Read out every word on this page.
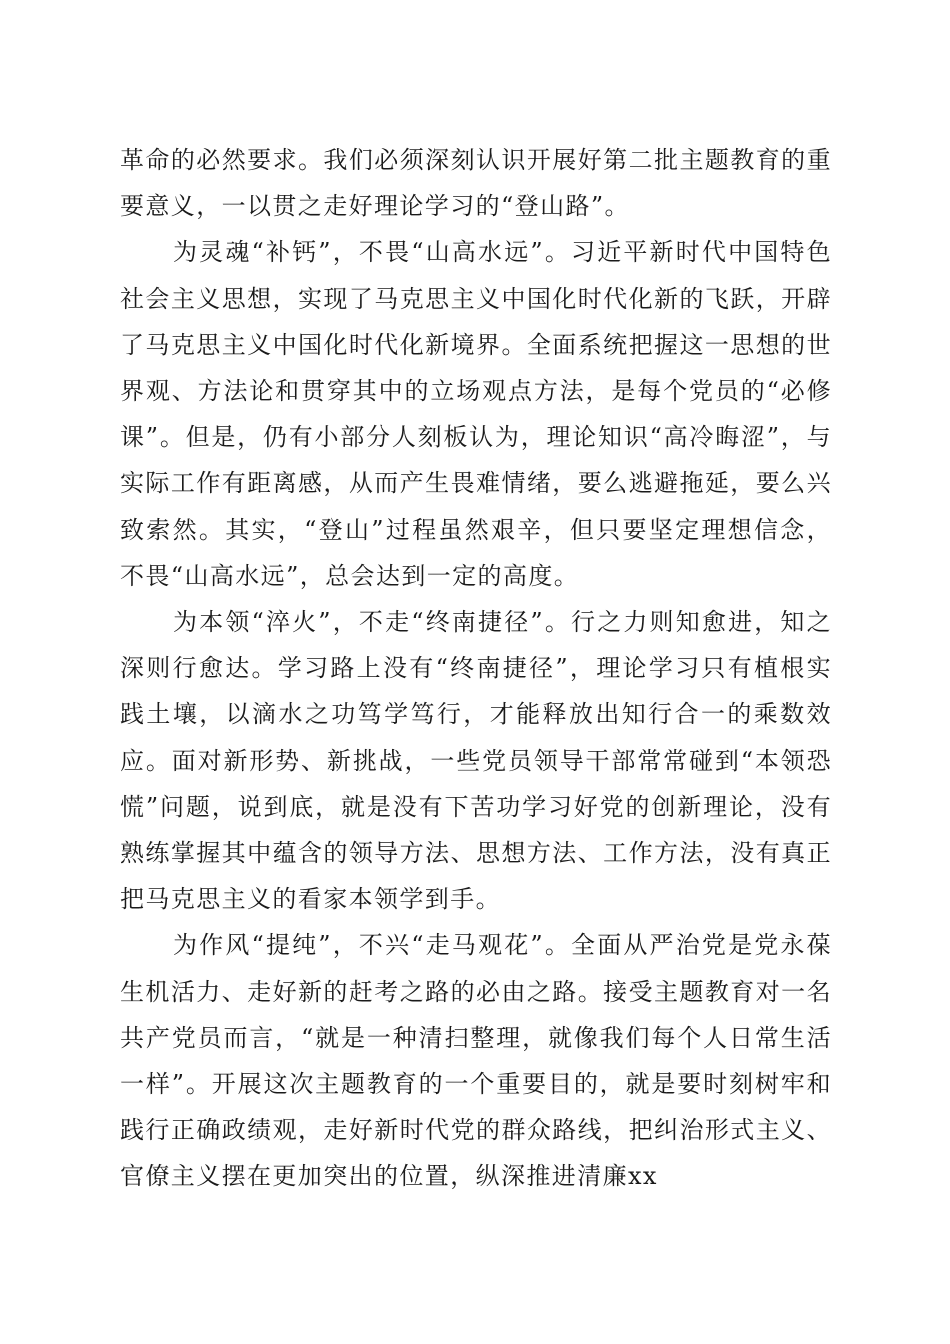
革命的必然要求。我们必须深刻认识开展好第二批主题教育的重要意义，一以贯之走好理论学习的“登山路”。

为灵魂“补钙”，不畏“山高水远”。习近平新时代中国特色社会主义思想，实现了马克思主义中国化时代化新的飞跃，开辟了马克思主义中国化时代化新境界。全面系统把握这一思想的世界观、方法论和贯穿其中的立场观点方法，是每个党员的“必修课”。但是，仍有小部分人刻板认为，理论知识“高冷晦涩”，与实际工作有距离感，从而产生畏难情绪，要么逃避拖延，要么兴致索然。其实，“登山”过程虽然艰辛，但只要坚定理想信念，不畏“山高水远”，总会达到一定的高度。

为本领“淬火”，不走“终南捷径”。行之力则知愈进，知之深则行愈达。学习路上没有“终南捷径”，理论学习只有植根实践土壤，以滴水之功笃学笃行，才能释放出知行合一的乘数效应。面对新形势、新挑战，一些党员领导干部常常碰到“本领恐慌”问题，说到底，就是没有下苦功学习好党的创新理论，没有熟练掌握其中蕴含的领导方法、思想方法、工作方法，没有真正把马克思主义的看家本领学到手。

为作风“提纯”，不兴“走马观花”。全面从严治党是党永葆生机活力、走好新的赶考之路的必由之路。接受主题教育对一名共产党员而言，“就是一种清扫整理，就像我们每个人日常生活一样”。开展这次主题教育的一个重要目的，就是要时刻树牢和践行正确政绩观，走好新时代党的群众路线，把纠治形式主义、官僚主义摆在更加突出的位置，纵深推进清廉xx
